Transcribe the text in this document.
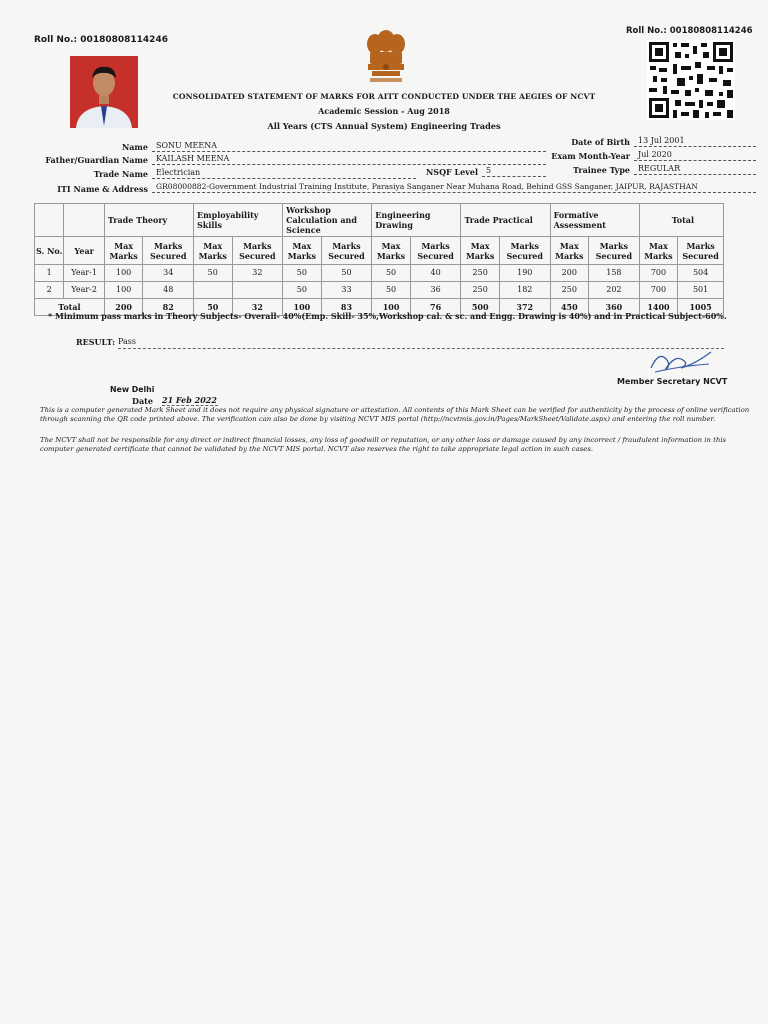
Roll No.: 00180808114246
Roll No.: 00180808114246
CONSOLIDATED STATEMENT OF MARKS FOR AITT CONDUCTED UNDER THE AEGIES OF NCVT
Academic Session - Aug 2018
All Years (CTS Annual System) Engineering Trades
Name	SONU MEENA
Father/Guardian Name	KAILASH MEENA
Trade Name	Electrician
ITI Name & Address	GR08000882-Government Industrial Training Institute, Parasiya Sanganer Near Muhana Road, Behind GSS Sanganer, JAIPUR, RAJASTHAN
Date of Birth	13 Jul 2001
Exam Month-Year	Jul 2020
NSQF Level	5	Trainee Type	REGULAR
		Trade Theory		Employability Skills		Workshop Calculation and Science		Engineering Drawing		Trade Practical		Formative Assessment		Total	
S. No.	Year	Max Marks	Marks Secured	Max Marks	Marks Secured	Max Marks	Marks Secured	Max Marks	Marks Secured	Max Marks	Marks Secured	Max Marks	Marks Secured	Max Marks	Marks Secured
1	Year-1	100	34	50	32	50	50	50	40	250	190	200	158	700	504
2	Year-2	100	48			50	33	50	36	250	182	250	202	700	501
Total		200	82	50	32	100	83	100	76	500	372	450	360	1400	1005
* Minimum pass marks in Theory Subjects- Overall- 40%(Emp. Skill- 35%,Workshop cal. & sc. and Engg. Drawing is 40%) and in Practical Subject-60%.
RESULT: Pass
Member Secretary NCVT
New Delhi
Date 21 Feb 2022
This is a computer generated Mark Sheet and it does not require any physical signature or attestation. All contents of this Mark Sheet can be verified for authenticity by the process of online verification through scanning the QR code printed above. The verification can also be done by visiting NCVT MIS portal (http://ncvtmis.gov.in/Pages/MarkSheet/Validate.aspx) and entering the roll number.
The NCVT shall not be responsible for any direct or indirect financial losses, any loss of goodwill or reputation, or any other loss or damage caused by any incorrect / fraudulent information in this computer generated certificate that cannot be validated by the NCVT MIS portal. NCVT also reserves the right to take appropriate legal action in such cases.
